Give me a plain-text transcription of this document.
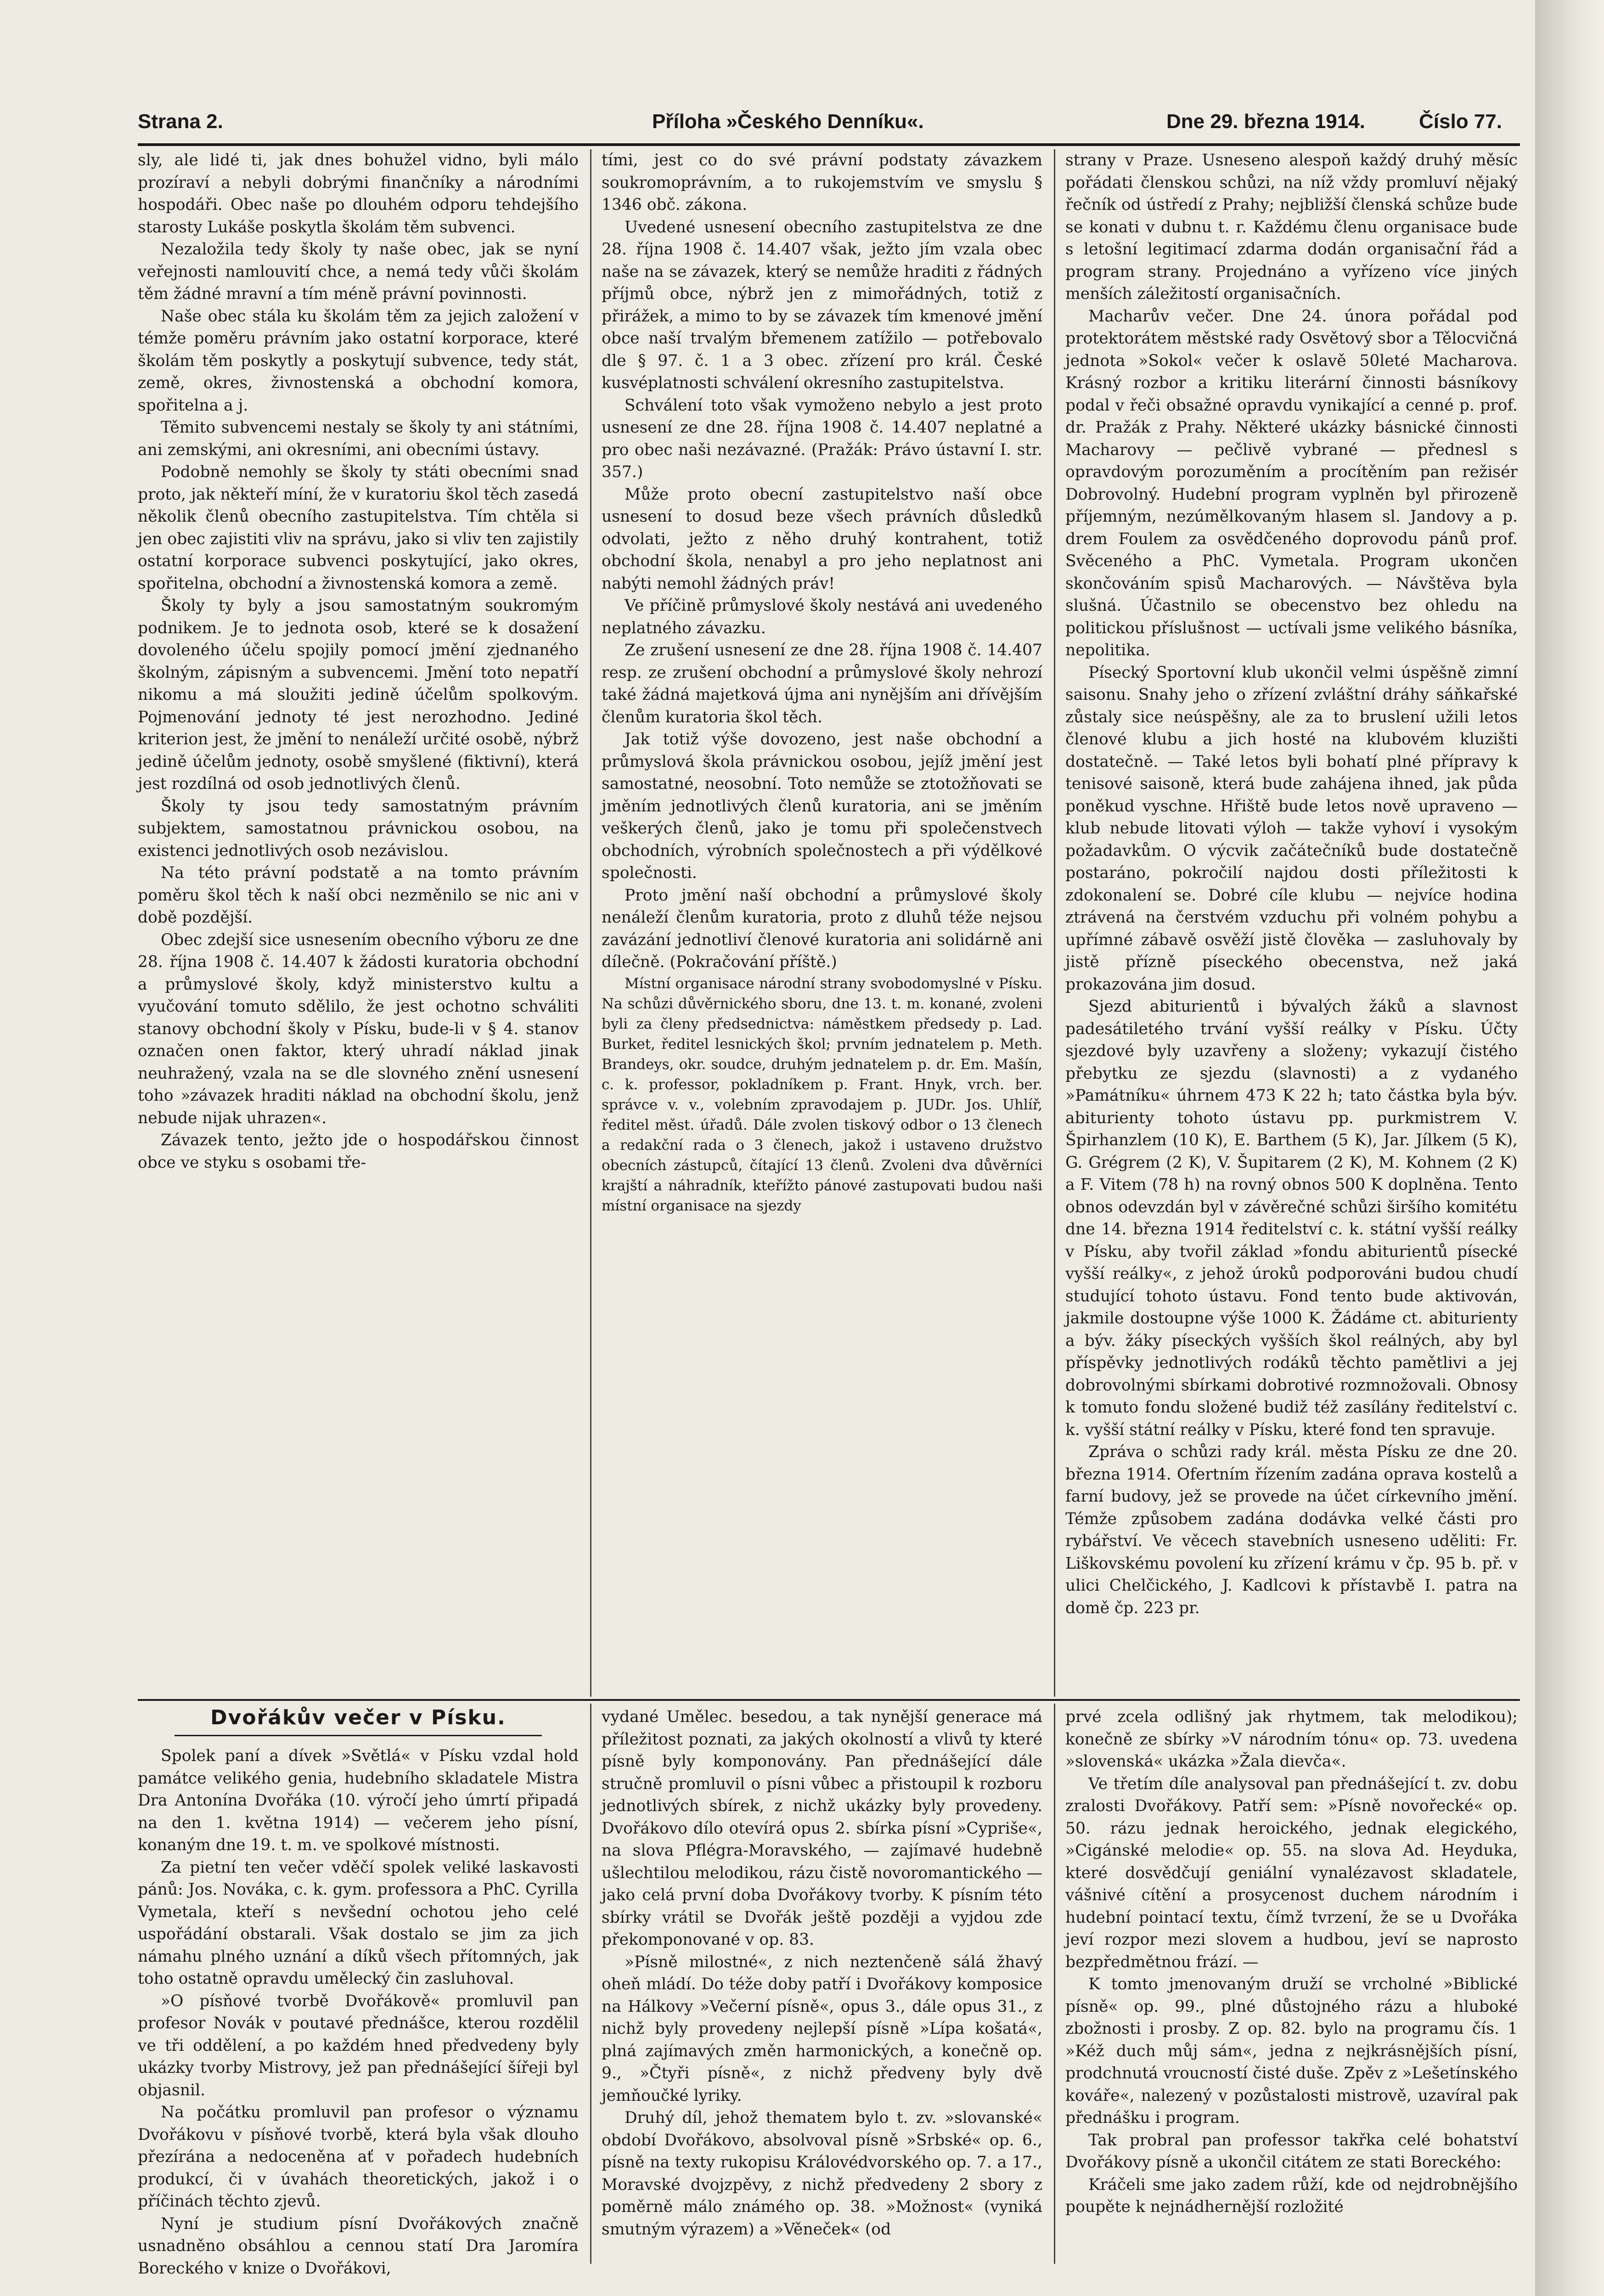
Strana 2.	Příloha »Českého Denníku«.	Dne 29. března 1914.	Číslo 77.

sly, ale lidé ti, jak dnes bohužel vidno, byli málo prozíraví a nebyli dobrými finančníky a národními hospodáři. Obec naše po dlouhém odporu tehdejšího starosty Lukáše poskytla školám těm subvenci.

Nezaložila tedy školy ty naše obec, jak se nyní veřejnosti namlouvití chce, a nemá tedy vůči školám těm žádné mravní a tím méně právní povinnosti.

Naše obec stála ku školám těm za jejich založení v témže poměru právním jako ostatní korporace, které školám těm poskytly a poskytují subvence, tedy stát, země, okres, živnostenská a obchodní komora, spořitelna a j.

Těmito subvencemi nestaly se školy ty ani státními, ani zemskými, ani okresními, ani obecními ústavy.

Podobně nemohly se školy ty státi obecními snad proto, jak někteří míní, že v kuratoriu škol těch zasedá několik členů obecního zastupitelstva. Tím chtěla si jen obec zajistiti vliv na správu, jako si vliv ten zajistily ostatní korporace subvenci poskytující, jako okres, spořitelna, obchodní a živnostenská komora a země.

Školy ty byly a jsou samostatným soukromým podnikem. Je to jednota osob, které se k dosažení dovoleného účelu spojily pomocí jmění zjednaného školným, zápisným a subvencemi. Jmění toto nepatří nikomu a má sloužiti jedině účelům spolkovým. Pojmenování jednoty té jest nerozhodno. Jediné kriterion jest, že jmění to nenáleží určité osobě, nýbrž jedině účelům jednoty, osobě smyšlené (fiktivní), která jest rozdílná od osob jednotlivých členů.

Školy ty jsou tedy samostatným právním subjektem, samostatnou právnickou osobou, na existenci jednotlivých osob nezávislou.

Na této právní podstatě a na tomto právním poměru škol těch k naší obci nezměnilo se nic ani v době pozdější.

Obec zdejší sice usnesením obecního výboru ze dne 28. října 1908 č. 14.407 k žádosti kuratoria obchodní a průmyslové školy, když ministerstvo kultu a vyučování tomuto sdělilo, že jest ochotno schváliti stanovy obchodní školy v Písku, bude-li v § 4. stanov označen onen faktor, který uhradí náklad jinak neuhražený, vzala na se dle slovného znění usnesení toho »závazek hraditi náklad na obchodní školu, jenž nebude nijak uhrazen«.

Závazek tento, ježto jde o hospodářskou činnost obce ve styku s osobami tře-

tími, jest co do své právní podstaty závazkem soukromoprávním, a to rukojemstvím ve smyslu § 1346 obč. zákona.

Uvedené usnesení obecního zastupitelstva ze dne 28. října 1908 č. 14.407 však, ježto jím vzala obec naše na se závazek, který se nemůže hraditi z řádných příjmů obce, nýbrž jen z mimořádných, totiž z přirážek, a mimo to by se závazek tím kmenové jmění obce naší trvalým břemenem zatížilo — potřebovalo dle § 97. č. 1 a 3 obec. zřízení pro král. České kusvéplatnosti schválení okresního zastupitelstva.

Schválení toto však vymoženo nebylo a jest proto usnesení ze dne 28. října 1908 č. 14.407 neplatné a pro obec naši nezávazné. (Pražák: Právo ústavní I. str. 357.)

Může proto obecní zastupitelstvo naší obce usnesení to dosud beze všech právních důsledků odvolati, ježto z něho druhý kontrahent, totiž obchodní škola, nenabyl a pro jeho neplatnost ani nabýti nemohl žádných práv!

Ve příčině průmyslové školy nestává ani uvedeného neplatného závazku.

Ze zrušení usnesení ze dne 28. října 1908 č. 14.407 resp. ze zrušení obchodní a průmyslové školy nehrozí také žádná majetková újma ani nynějším ani dřívějším členům kuratoria škol těch.

Jak totiž výše dovozeno, jest naše obchodní a průmyslová škola právnickou osobou, jejíž jmění jest samostatné, neosobní. Toto nemůže se ztotožňovati se jměním jednotlivých členů kuratoria, ani se jměním veškerých členů, jako je tomu při společenstvech obchodních, výrobních společnostech a při výdělkové společnosti.

Proto jmění naší obchodní a průmyslové školy nenáleží členům kuratoria, proto z dluhů téže nejsou zavázání jednotliví členové kuratoria ani solidárně ani dílečně. (Pokračování příště.)

Místní organisace národní strany svobodomyslné v Písku. Na schůzi důvěrnického sboru, dne 13. t. m. konané, zvoleni byli za členy předsednictva: náměstkem předsedy p. Lad. Burket, ředitel lesnických škol; prvním jednatelem p. Meth. Brandeys, okr. soudce, druhým jednatelem p. dr. Em. Mašín, c. k. professor, pokladníkem p. Frant. Hnyk, vrch. ber. správce v. v., volebním zpravodajem p. JUDr. Jos. Uhlíř, ředitel měst. úřadů. Dále zvolen tiskový odbor o 13 členech a redakční rada o 3 členech, jakož i ustaveno družstvo obecních zástupců, čítající 13 členů. Zvoleni dva důvěrníci krajští a náhradník, kteřížto pánové zastupovati budou naši místní organisace na sjezdy

strany v Praze. Usneseno alespoň každý druhý měsíc pořádati členskou schůzi, na níž vždy promluví nějaký řečník od ústředí z Prahy; nejbližší členská schůze bude se konati v dubnu t. r. Každému členu organisace bude s letošní legitimací zdarma dodán organisační řád a program strany. Projednáno a vyřízeno více jiných menších záležitostí organisačních.

Macharův večer. Dne 24. února pořádal pod protektorátem městské rady Osvětový sbor a Tělocvičná jednota »Sokol« večer k oslavě 50leté Macharova. Krásný rozbor a kritiku literární činnosti básníkovy podal v řeči obsažné opravdu vynikající a cenné p. prof. dr. Pražák z Prahy. Některé ukázky básnické činnosti Macharovy — pečlivě vybrané — přednesl s opravdovým porozuměním a procítěním pan režisér Dobrovolný. Hudební program vyplněn byl přirozeně příjemným, nezúmělkovaným hlasem sl. Jandovy a p. drem Foulem za osvědčeného doprovodu pánů prof. Svěceného a PhC. Vymetala. Program ukončen skončováním spisů Macharových. — Návštěva byla slušná. Účastnilo se obecenstvo bez ohledu na politickou příslušnost — uctívali jsme velikého básníka, nepolitika.

Písecký Sportovní klub ukončil velmi úspěšně zimní saisonu. Snahy jeho o zřízení zvláštní dráhy sáňkařské zůstaly sice neúspěšny, ale za to bruslení užili letos členové klubu a jich hosté na klubovém kluzišti dostatečně. — Také letos byli bohatí plné přípravy k tenisové saisoně, která bude zahájena ihned, jak půda poněkud vyschne. Hřiště bude letos nově upraveno — klub nebude litovati výloh — takže vyhoví i vysokým požadavkům. O výcvik začátečníků bude dostatečně postaráno, pokročilí najdou dosti příležitosti k zdokonalení se. Dobré cíle klubu — nejvíce hodina ztrávená na čerstvém vzduchu při volném pohybu a upřímné zábavě osvěží jistě člověka — zasluhovaly by jistě přízně píseckého obecenstva, než jaká prokazována jim dosud.

Sjezd abiturientů i bývalých žáků a slavnost padesátiletého trvání vyšší reálky v Písku. Účty sjezdové byly uzavřeny a složeny; vykazují čistého přebytku ze sjezdu (slavnosti) a z vydaného »Památníku« úhrnem 473 K 22 h; tato částka byla býv. abiturienty tohoto ústavu pp. purkmistrem V. Špirhanzlem (10 K), E. Barthem (5 K), Jar. Jílkem (5 K), G. Grégrem (2 K), V. Šupitarem (2 K), M. Kohnem (2 K) a F. Vitem (78 h) na rovný obnos 500 K doplněna. Tento obnos odevzdán byl v závěrečné schůzi širšího komitétu dne 14. března 1914 ředitelství c. k. státní vyšší reálky v Písku, aby tvořil základ »fondu abiturientů písecké vyšší reálky«, z jehož úroků podporováni budou chudí studující tohoto ústavu. Fond tento bude aktivován, jakmile dostoupne výše 1000 K. Žádáme ct. abiturienty a býv. žáky píseckých vyšších škol reálných, aby byl příspěvky jednotlivých rodáků těchto pamětlivi a jej dobrovolnými sbírkami dobrotivé rozmnožovali. Obnosy k tomuto fondu složené budiž též zasílány ředitelství c. k. vyšší státní reálky v Písku, které fond ten spravuje.

Zpráva o schůzi rady král. města Písku ze dne 20. března 1914. Ofertním řízením zadána oprava kostelů a farní budovy, jež se provede na účet církevního jmění. Témže způsobem zadána dodávka velké části pro rybářství. Ve věcech stavebních usneseno uděliti: Fr. Liškovskému povolení ku zřízení krámu v čp. 95 b. př. v ulici Chelčického, J. Kadlcovi k přístavbě I. patra na domě čp. 223 pr.

Dvořákův večer v Písku.

Spolek paní a dívek »Světlá« v Písku vzdal hold památce velikého genia, hudebního skladatele Mistra Dra Antonína Dvořáka (10. výročí jeho úmrtí připadá na den 1. května 1914) — večerem jeho písní, konaným dne 19. t. m. ve spolkové místnosti.

Za pietní ten večer vděčí spolek veliké laskavosti pánů: Jos. Nováka, c. k. gym. professora a PhC. Cyrilla Vymetala, kteří s nevšední ochotou jeho celé uspořádání obstarali. Však dostalo se jim za jich námahu plného uznání a díků všech přítomných, jak toho ostatně opravdu umělecký čin zasluhoval.

»O písňové tvorbě Dvořákově« promluvil pan profesor Novák v poutavé přednášce, kterou rozdělil ve tři oddělení, a po každém hned předvedeny byly ukázky tvorby Mistrovy, jež pan přednášející šířeji byl objasnil.

Na počátku promluvil pan profesor o významu Dvořákovu v písňové tvorbě, která byla však dlouho přezírána a nedoceněna ať v pořadech hudebních produkcí, či v úvahách theoretických, jakož i o příčinách těchto zjevů.

Nyní je studium písní Dvořákových značně usnadněno obsáhlou a cennou statí Dra Jaromíra Boreckého v knize o Dvořákovi,

vydané Umělec. besedou, a tak nynější generace má příležitost poznati, za jakých okolností a vlivů ty které písně byly komponovány. Pan přednášející dále stručně promluvil o písni vůbec a přistoupil k rozboru jednotlivých sbírek, z nichž ukázky byly provedeny. Dvořákovo dílo otevírá opus 2. sbírka písní »Cypriše«, na slova Pflégra-Moravského, — zajímavé hudebně ušlechtilou melodikou, rázu čistě novoromantického — jako celá první doba Dvořákovy tvorby. K písním této sbírky vrátil se Dvořák ještě později a vyjdou zde překomponované v op. 83.

»Písně milostné«, z nich neztenčeně sálá žhavý oheň mládí. Do téže doby patří i Dvořákovy komposice na Hálkovy »Večerní písně«, opus 3., dále opus 31., z nichž byly provedeny nejlepší písně »Lípa košatá«, plná zajímavých změn harmonických, a konečně op. 9., »Čtyři písně«, z nichž předveny byly dvě jemňoučké lyriky.

Druhý díl, jehož thematem bylo t. zv. »slovanské« období Dvořákovo, absolvoval písně »Srbské« op. 6., písně na texty rukopisu Královédvorského op. 7. a 17., Moravské dvojzpěvy, z nichž předvedeny 2 sbory z poměrně málo známého op. 38. »Možnost« (vyniká smutným výrazem) a »Věneček« (od

prvé zcela odlišný jak rhytmem, tak melodikou); konečně ze sbírky »V národním tónu« op. 73. uvedena »slovenská« ukázka »Žala dievča«.

Ve třetím díle analysoval pan přednášející t. zv. dobu zralosti Dvořákovy. Patří sem: »Písně novořecké« op. 50. rázu jednak heroického, jednak elegického, »Cigánské melodie« op. 55. na slova Ad. Heyduka, které dosvědčují geniální vynalézavost skladatele, vášnivé cítění a prosycenost duchem národním i hudební pointací textu, čímž tvrzení, že se u Dvořáka jeví rozpor mezi slovem a hudbou, jeví se naprosto bezpředmětnou frází. —

K tomto jmenovaným druží se vrcholné »Biblické písně« op. 99., plné důstojného rázu a hluboké zbožnosti i prosby. Z op. 82. bylo na programu čís. 1 »Kéž duch můj sám«, jedna z nejkrásnějších písní, prodchnutá vroucností čisté duše. Zpěv z »Lešetínského kováře«, nalezený v pozůstalosti mistrově, uzavíral pak přednášku i program.

Tak probral pan professor takřka celé bohatství Dvořákovy písně a ukončil citátem ze stati Boreckého:

Kráčeli sme jako zadem růží, kde od nejdrobnějšího poupěte k nejnádhernější rozložité
